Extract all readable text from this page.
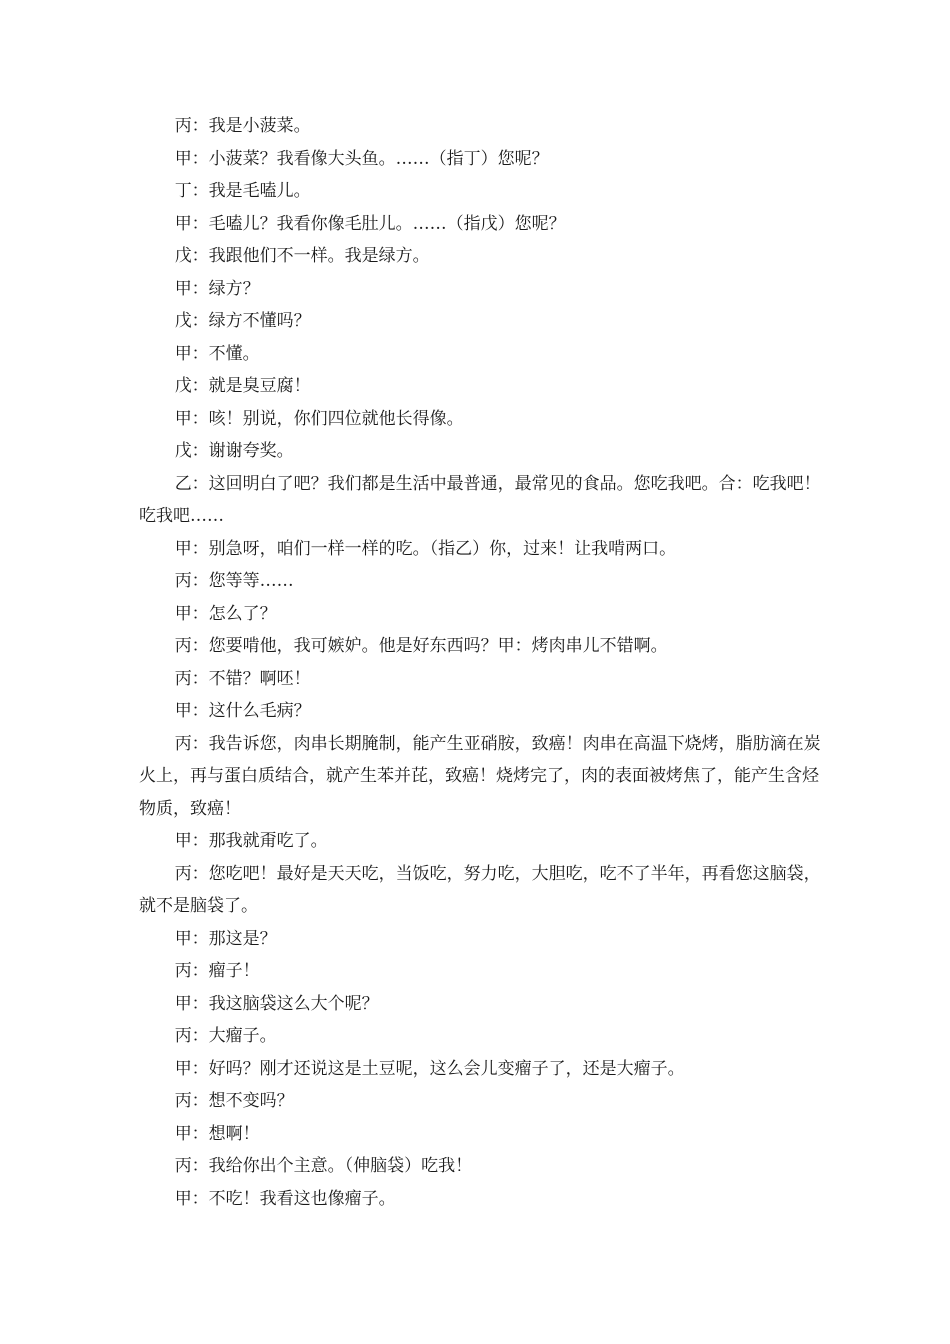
丙：我是小菠菜。

甲：小菠菜？我看像大头鱼。……（指丁）您呢？

丁：我是毛嗑儿。

甲：毛嗑儿？我看你像毛肚儿。……（指戊）您呢？

戊：我跟他们不一样。我是绿方。

甲：绿方？

戊：绿方不懂吗？

甲：不懂。

戊：就是臭豆腐！

甲：咳！别说，你们四位就他长得像。

戊：谢谢夸奖。

乙：这回明白了吧？我们都是生活中最普通，最常见的食品。您吃我吧。合：吃我吧！吃我吧……

甲：别急呀，咱们一样一样的吃。（指乙）你，过来！让我啃两口。

丙：您等等……

甲：怎么了？

丙：您要啃他，我可嫉妒。他是好东西吗？甲：烤肉串儿不错啊。

丙：不错？啊呸！

甲：这什么毛病？

丙：我告诉您，肉串长期腌制，能产生亚硝胺，致癌！肉串在高温下烧烤，脂肪滴在炭火上，再与蛋白质结合，就产生苯并芘，致癌！烧烤完了，肉的表面被烤焦了，能产生含烃物质，致癌！

甲：那我就甭吃了。

丙：您吃吧！最好是天天吃，当饭吃，努力吃，大胆吃，吃不了半年，再看您这脑袋，就不是脑袋了。

甲：那这是？

丙：瘤子！

甲：我这脑袋这么大个呢？

丙：大瘤子。

甲：好吗？刚才还说这是土豆呢，这么会儿变瘤子了，还是大瘤子。

丙：想不变吗？

甲：想啊！

丙：我给你出个主意。（伸脑袋）吃我！

甲：不吃！我看这也像瘤子。
